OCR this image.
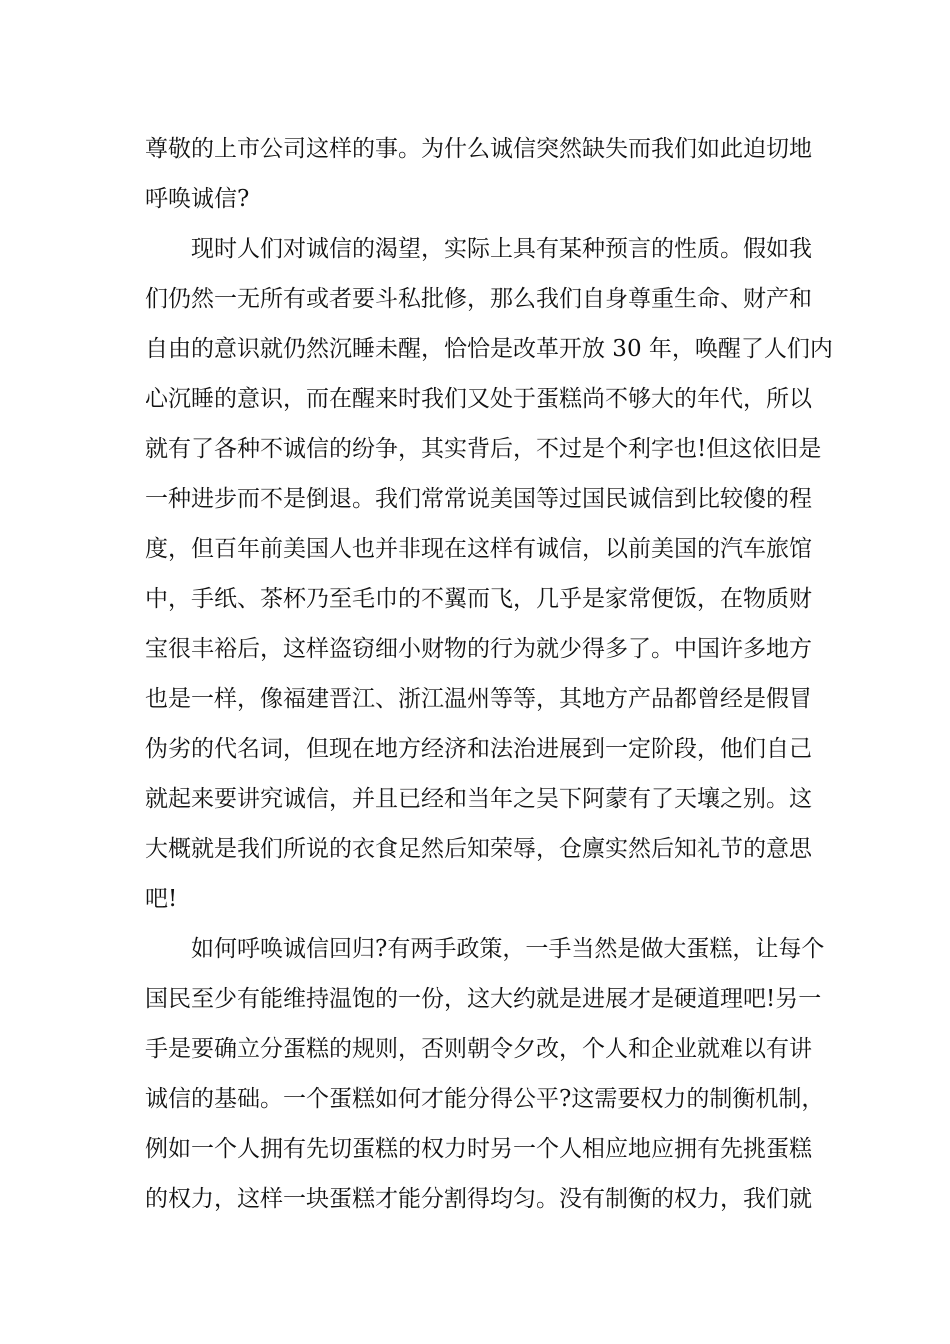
尊敬的上市公司这样的事。为什么诚信突然缺失而我们如此迫切地
呼唤诚信?
现时人们对诚信的渴望，实际上具有某种预言的性质。假如我
们仍然一无所有或者要斗私批修，那么我们自身尊重生命、财产和
自由的意识就仍然沉睡未醒，恰恰是改革开放 30 年，唤醒了人们内
心沉睡的意识，而在醒来时我们又处于蛋糕尚不够大的年代，所以
就有了各种不诚信的纷争，其实背后，不过是个利字也!但这依旧是
一种进步而不是倒退。我们常常说美国等过国民诚信到比较傻的程
度，但百年前美国人也并非现在这样有诚信，以前美国的汽车旅馆
中，手纸、茶杯乃至毛巾的不翼而飞，几乎是家常便饭，在物质财
宝很丰裕后，这样盗窃细小财物的行为就少得多了。中国许多地方
也是一样，像福建晋江、浙江温州等等，其地方产品都曾经是假冒
伪劣的代名词，但现在地方经济和法治进展到一定阶段，他们自己
就起来要讲究诚信，并且已经和当年之吴下阿蒙有了天壤之别。这
大概就是我们所说的衣食足然后知荣辱，仓廪实然后知礼节的意思
吧!
如何呼唤诚信回归?有两手政策，一手当然是做大蛋糕，让每个
国民至少有能维持温饱的一份，这大约就是进展才是硬道理吧!另一
手是要确立分蛋糕的规则，否则朝令夕改，个人和企业就难以有讲
诚信的基础。一个蛋糕如何才能分得公平?这需要权力的制衡机制，
例如一个人拥有先切蛋糕的权力时另一个人相应地应拥有先挑蛋糕
的权力，这样一块蛋糕才能分割得均匀。没有制衡的权力，我们就
